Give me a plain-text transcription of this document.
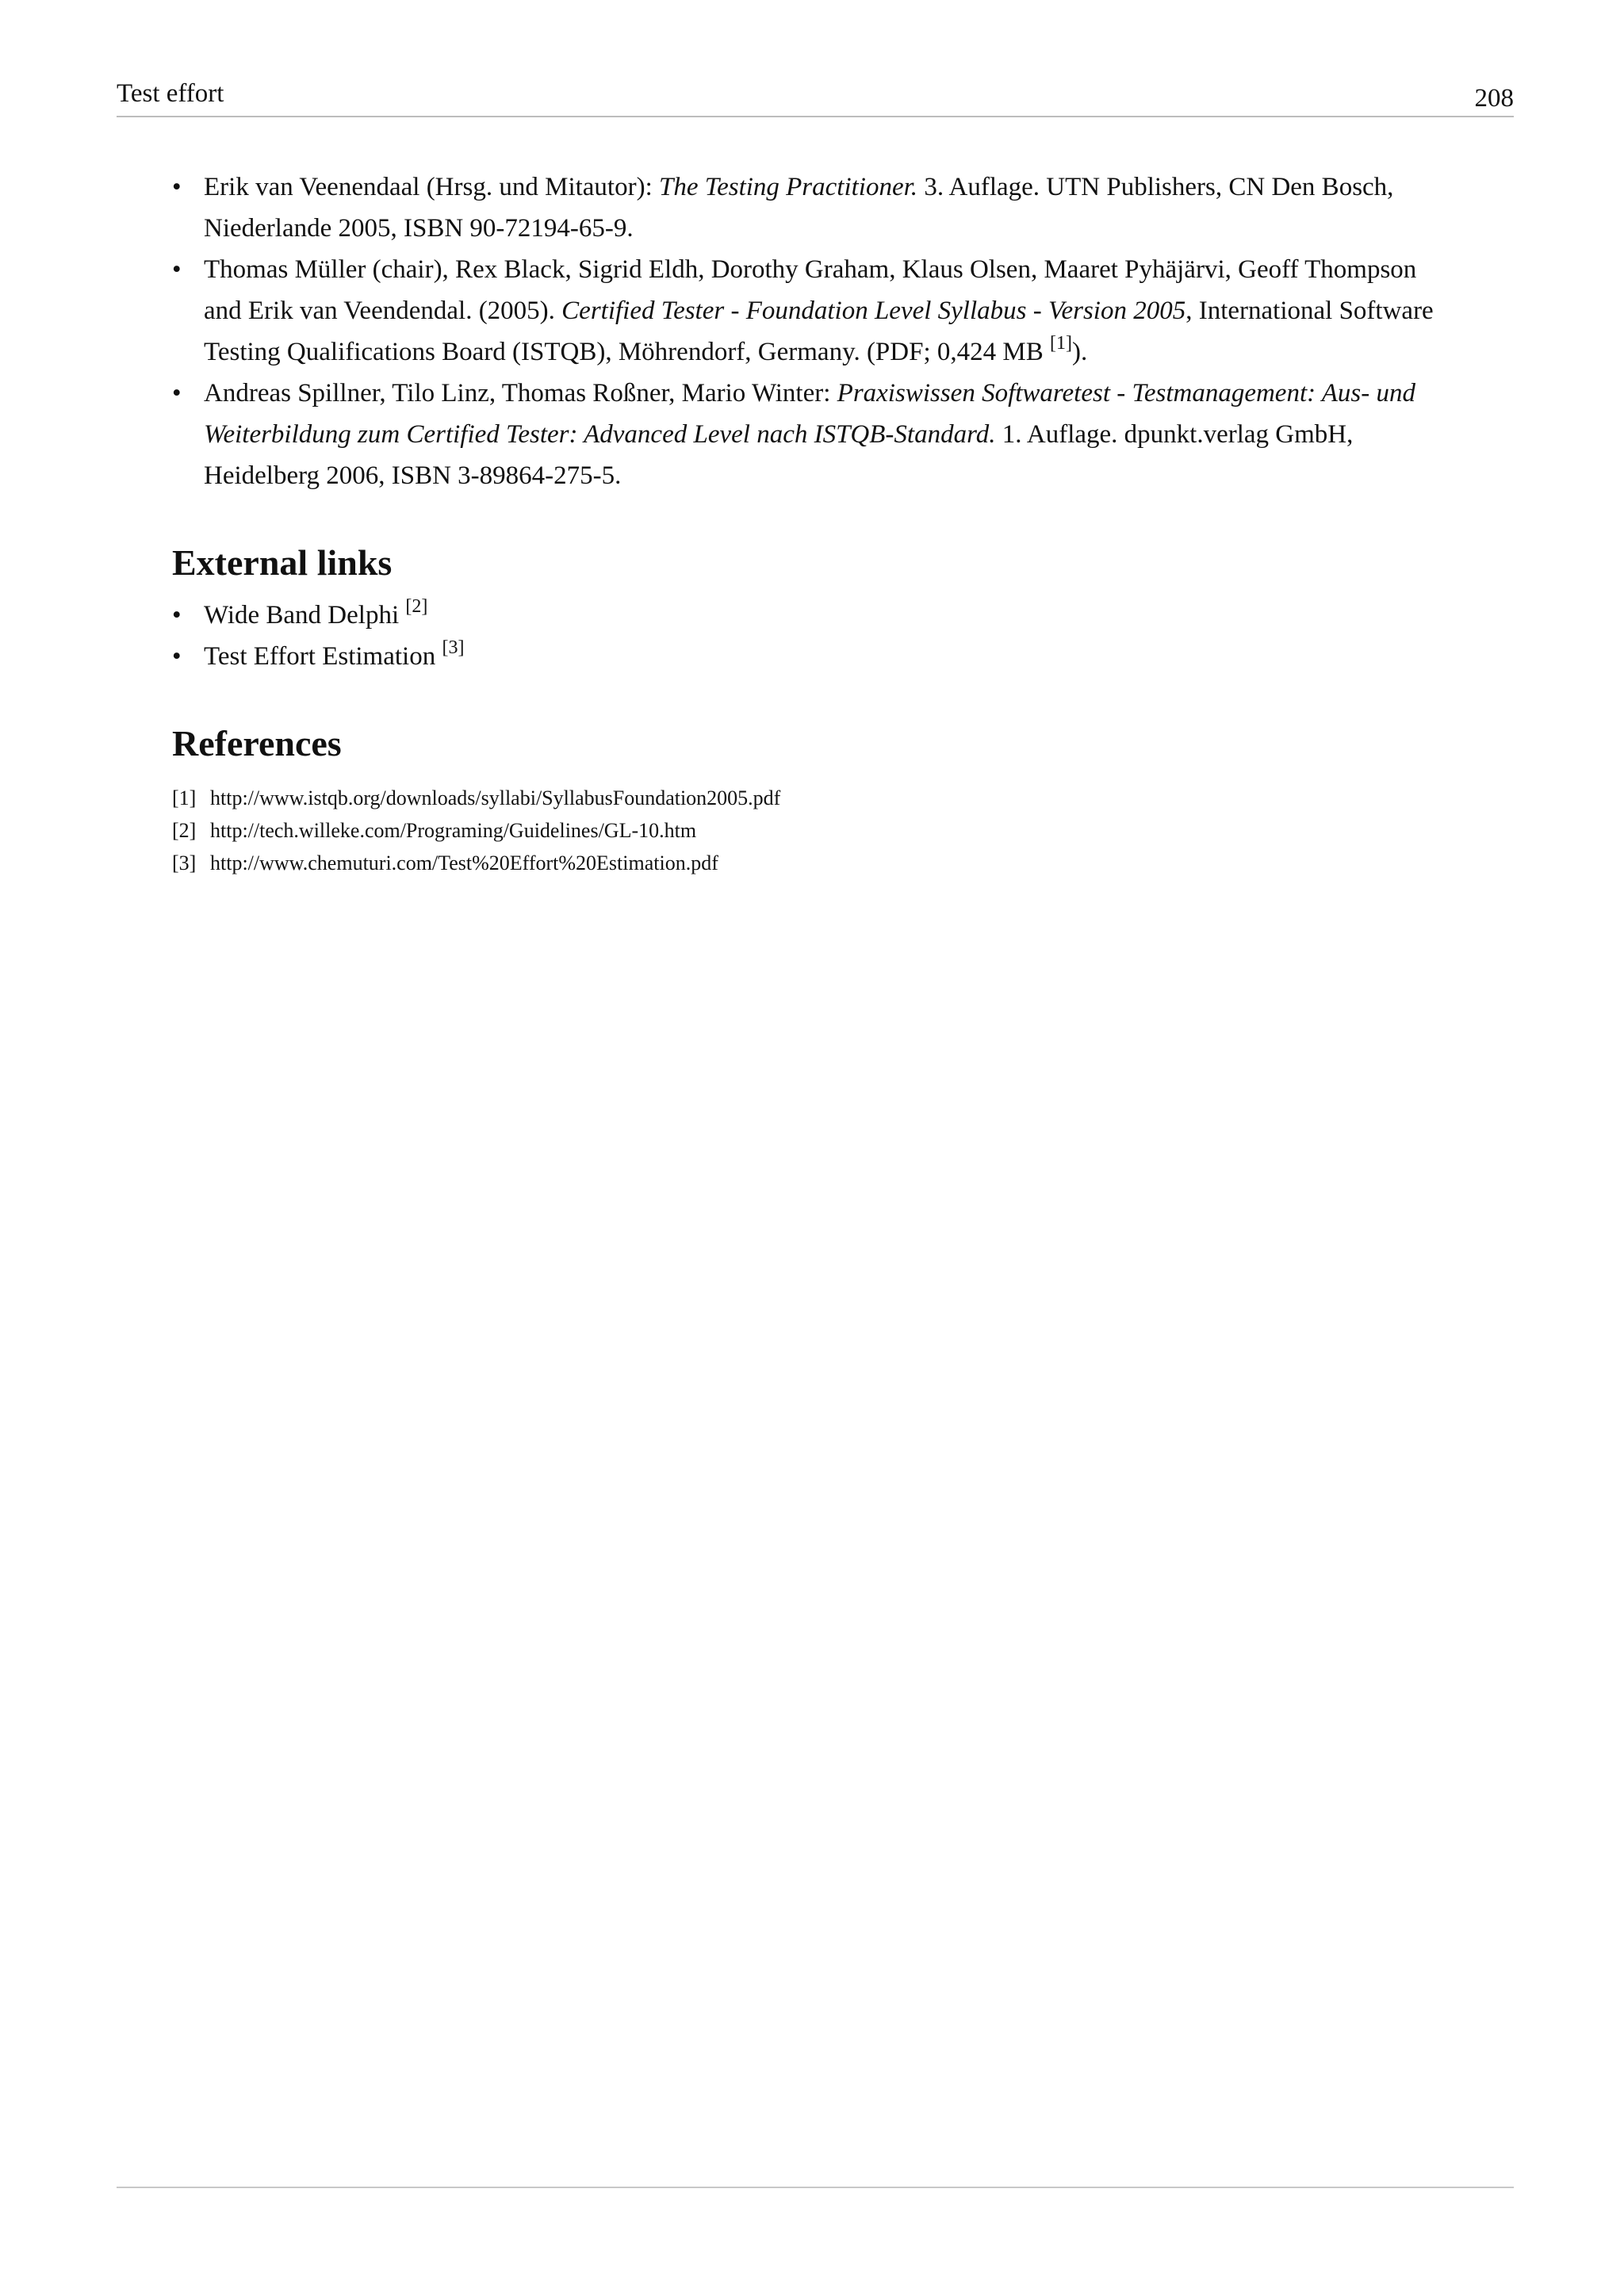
Test effort	208
• Erik van Veenendaal (Hrsg. und Mitautor): The Testing Practitioner. 3. Auflage. UTN Publishers, CN Den Bosch, Niederlande 2005, ISBN 90-72194-65-9.
• Thomas Müller (chair), Rex Black, Sigrid Eldh, Dorothy Graham, Klaus Olsen, Maaret Pyhäjärvi, Geoff Thompson and Erik van Veendendal. (2005). Certified Tester - Foundation Level Syllabus - Version 2005, International Software Testing Qualifications Board (ISTQB), Möhrendorf, Germany. (PDF; 0,424 MB [1]).
• Andreas Spillner, Tilo Linz, Thomas Roßner, Mario Winter: Praxiswissen Softwaretest - Testmanagement: Aus- und Weiterbildung zum Certified Tester: Advanced Level nach ISTQB-Standard. 1. Auflage. dpunkt.verlag GmbH, Heidelberg 2006, ISBN 3-89864-275-5.
External links
• Wide Band Delphi [2]
• Test Effort Estimation [3]
References
[1] http://www.istqb.org/downloads/syllabi/SyllabusFoundation2005.pdf
[2] http://tech.willeke.com/Programing/Guidelines/GL-10.htm
[3] http://www.chemuturi.com/Test%20Effort%20Estimation.pdf
